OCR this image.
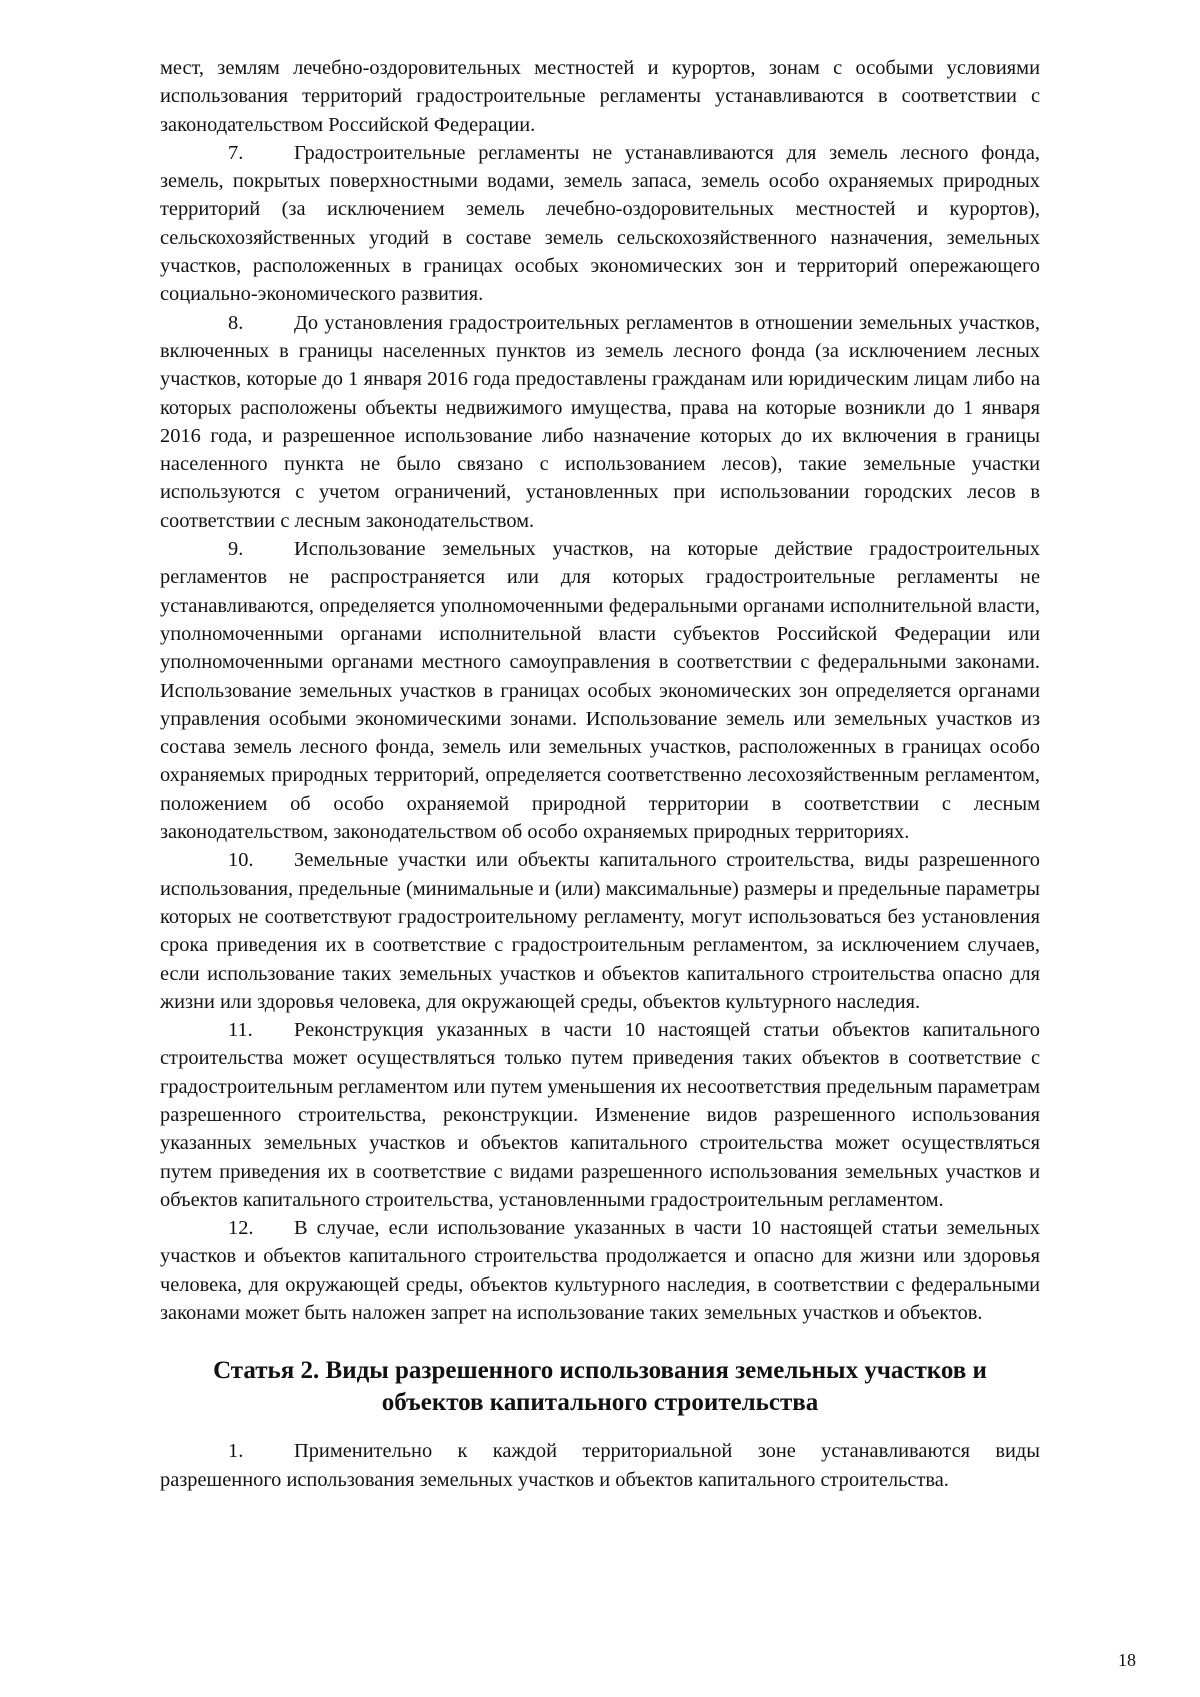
мест, землям лечебно-оздоровительных местностей и курортов, зонам с особыми условиями использования территорий градостроительные регламенты устанавливаются в соответствии с законодательством Российской Федерации.

7. Градостроительные регламенты не устанавливаются для земель лесного фонда, земель, покрытых поверхностными водами, земель запаса, земель особо охраняемых природных территорий (за исключением земель лечебно-оздоровительных местностей и курортов), сельскохозяйственных угодий в составе земель сельскохозяйственного назначения, земельных участков, расположенных в границах особых экономических зон и территорий опережающего социально-экономического развития.

8. До установления градостроительных регламентов в отношении земельных участков, включенных в границы населенных пунктов из земель лесного фонда (за исключением лесных участков, которые до 1 января 2016 года предоставлены гражданам или юридическим лицам либо на которых расположены объекты недвижимого имущества, права на которые возникли до 1 января 2016 года, и разрешенное использование либо назначение которых до их включения в границы населенного пункта не было связано с использованием лесов), такие земельные участки используются с учетом ограничений, установленных при использовании городских лесов в соответствии с лесным законодательством.

9. Использование земельных участков, на которые действие градостроительных регламентов не распространяется или для которых градостроительные регламенты не устанавливаются, определяется уполномоченными федеральными органами исполнительной власти, уполномоченными органами исполнительной власти субъектов Российской Федерации или уполномоченными органами местного самоуправления в соответствии с федеральными законами. Использование земельных участков в границах особых экономических зон определяется органами управления особыми экономическими зонами. Использование земель или земельных участков из состава земель лесного фонда, земель или земельных участков, расположенных в границах особо охраняемых природных территорий, определяется соответственно лесохозяйственным регламентом, положением об особо охраняемой природной территории в соответствии с лесным законодательством, законодательством об особо охраняемых природных территориях.

10. Земельные участки или объекты капитального строительства, виды разрешенного использования, предельные (минимальные и (или) максимальные) размеры и предельные параметры которых не соответствуют градостроительному регламенту, могут использоваться без установления срока приведения их в соответствие с градостроительным регламентом, за исключением случаев, если использование таких земельных участков и объектов капитального строительства опасно для жизни или здоровья человека, для окружающей среды, объектов культурного наследия.

11. Реконструкция указанных в части 10 настоящей статьи объектов капитального строительства может осуществляться только путем приведения таких объектов в соответствие с градостроительным регламентом или путем уменьшения их несоответствия предельным параметрам разрешенного строительства, реконструкции. Изменение видов разрешенного использования указанных земельных участков и объектов капитального строительства может осуществляться путем приведения их в соответствие с видами разрешенного использования земельных участков и объектов капитального строительства, установленными градостроительным регламентом.

12. В случае, если использование указанных в части 10 настоящей статьи земельных участков и объектов капитального строительства продолжается и опасно для жизни или здоровья человека, для окружающей среды, объектов культурного наследия, в соответствии с федеральными законами может быть наложен запрет на использование таких земельных участков и объектов.

Статья 2. Виды разрешенного использования земельных участков и
объектов капитального строительства

1. Применительно к каждой территориальной зоне устанавливаются виды разрешенного использования земельных участков и объектов капитального строительства.

18
